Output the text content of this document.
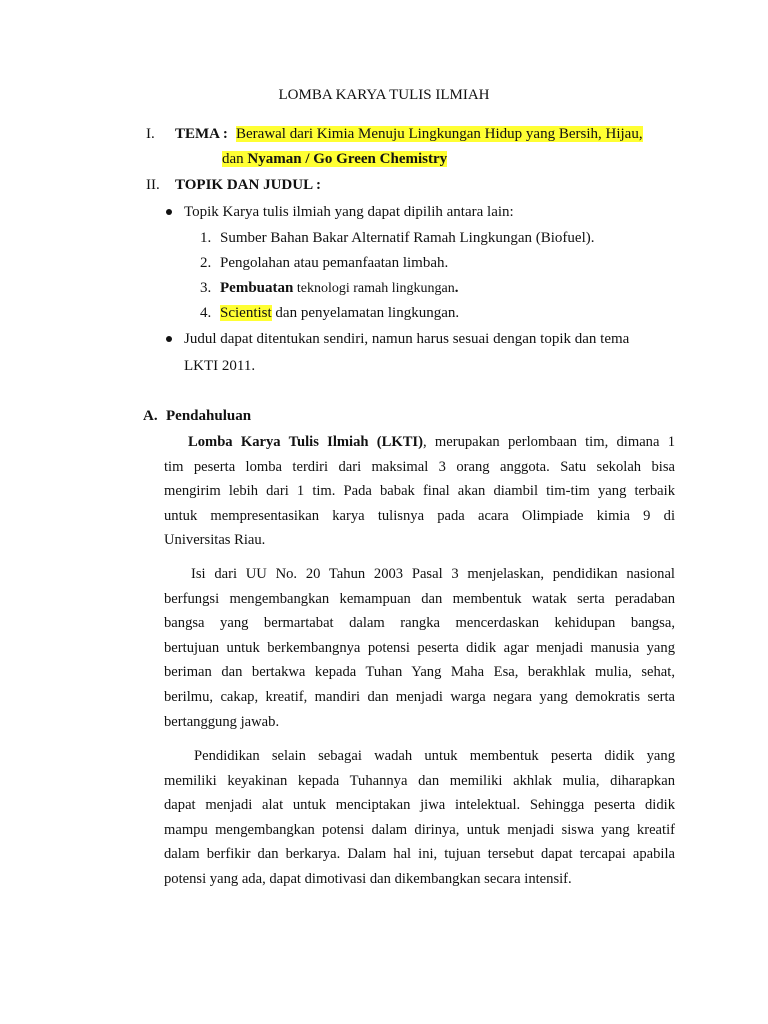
LOMBA KARYA TULIS ILMIAH
I. TEMA : Berawal dari Kimia Menuju Lingkungan Hidup yang Bersih, Hijau,
dan Nyaman / Go Green Chemistry
II. TOPIK DAN JUDUL :
Topik Karya tulis ilmiah yang dapat dipilih antara lain:
1. Sumber Bahan Bakar Alternatif Ramah Lingkungan (Biofuel).
2. Pengolahan atau pemanfaatan limbah.
3. Pembuatan teknologi ramah lingkungan.
4. Scientist dan penyelamatan lingkungan.
Judul dapat ditentukan sendiri, namun harus sesuai dengan topik dan tema
LKTI 2011.
A. Pendahuluan
Lomba Karya Tulis Ilmiah (LKTI), merupakan perlombaan tim, dimana 1
tim peserta lomba terdiri dari maksimal 3 orang anggota. Satu sekolah bisa
mengirim lebih dari 1 tim. Pada babak final akan diambil tim-tim yang terbaik
untuk mempresentasikan karya tulisnya pada acara Olimpiade kimia 9 di
Universitas Riau.
Isi dari UU No. 20 Tahun 2003 Pasal 3 menjelaskan, pendidikan nasional
berfungsi mengembangkan kemampuan dan membentuk watak serta peradaban
bangsa yang bermartabat dalam rangka mencerdaskan kehidupan bangsa,
bertujuan untuk berkembangnya potensi peserta didik agar menjadi manusia yang
beriman dan bertakwa kepada Tuhan Yang Maha Esa, berakhlak mulia, sehat,
berilmu, cakap, kreatif, mandiri dan menjadi warga negara yang demokratis serta
bertanggung jawab.
Pendidikan selain sebagai wadah untuk membentuk peserta didik yang
memiliki keyakinan kepada Tuhannya dan memiliki akhlak mulia, diharapkan
dapat menjadi alat untuk menciptakan jiwa intelektual. Sehingga peserta didik
mampu mengembangkan potensi dalam dirinya, untuk menjadi siswa yang kreatif
dalam berfikir dan berkarya. Dalam hal ini, tujuan tersebut dapat tercapai apabila
potensi yang ada, dapat dimotivasi dan dikembangkan secara intensif.
